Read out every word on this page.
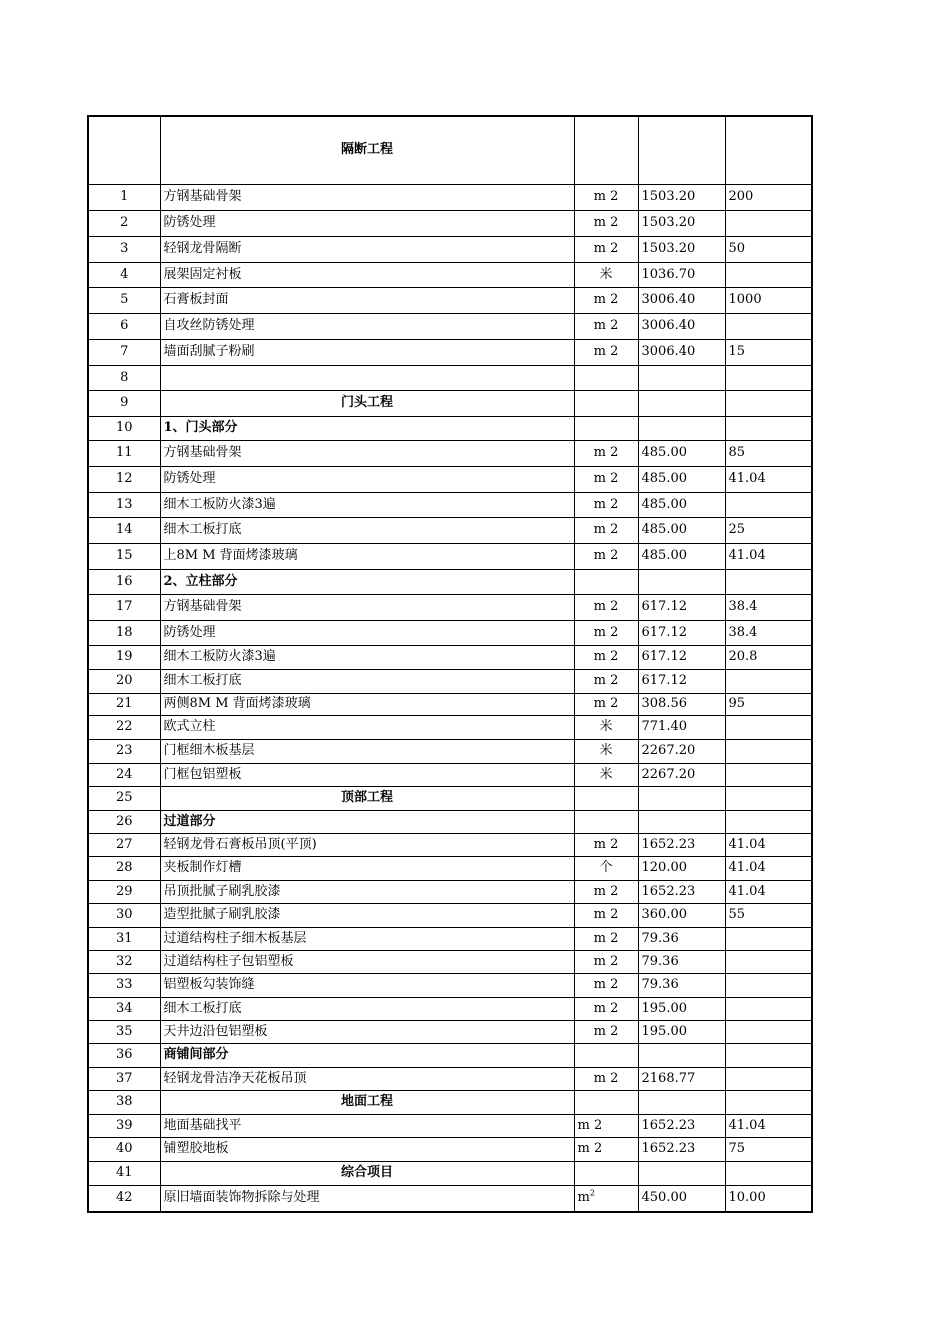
	隔断工程			
1	方钢基础骨架	m 2	1503.20	200
2	防锈处理	m 2	1503.20	
3	轻钢龙骨隔断	m 2	1503.20	50
4	展架固定衬板	米	1036.70	
5	石膏板封面	m 2	3006.40	1000
6	自攻丝防锈处理	m 2	3006.40	
7	墙面刮腻子粉刷	m 2	3006.40	15
8				
9	门头工程			
10	1、门头部分			
11	方钢基础骨架	m 2	485.00	85
12	防锈处理	m 2	485.00	41.04
13	细木工板防火漆3遍	m 2	485.00	
14	细木工板打底	m 2	485.00	25
15	上8M M 背面烤漆玻璃	m 2	485.00	41.04
16	2、立柱部分			
17	方钢基础骨架	m 2	617.12	38.4
18	防锈处理	m 2	617.12	38.4
19	细木工板防火漆3遍	m 2	617.12	20.8
20	细木工板打底	m 2	617.12	
21	两侧8M M 背面烤漆玻璃	m 2	308.56	95
22	欧式立柱	米	771.40	
23	门框细木板基层	米	2267.20	
24	门框包铝塑板	米	2267.20	
25	顶部工程			
26	过道部分			
27	轻钢龙骨石膏板吊顶(平顶)	m 2	1652.23	41.04
28	夹板制作灯槽	个	120.00	41.04
29	吊顶批腻子刷乳胶漆	m 2	1652.23	41.04
30	造型批腻子刷乳胶漆	m 2	360.00	55
31	过道结构柱子细木板基层	m 2	79.36	
32	过道结构柱子包铝塑板	m 2	79.36	
33	铝塑板勾装饰缝	m 2	79.36	
34	细木工板打底	m 2	195.00	
35	天井边沿包铝塑板	m 2	195.00	
36	商铺间部分			
37	轻钢龙骨洁净天花板吊顶	m 2	2168.77	
38	地面工程			
39	地面基础找平	m 2	1652.23	41.04
40	铺塑胶地板	m 2	1652.23	75
41	综合项目			
42	原旧墙面装饰物拆除与处理	$m^2$	450.00	10.00
